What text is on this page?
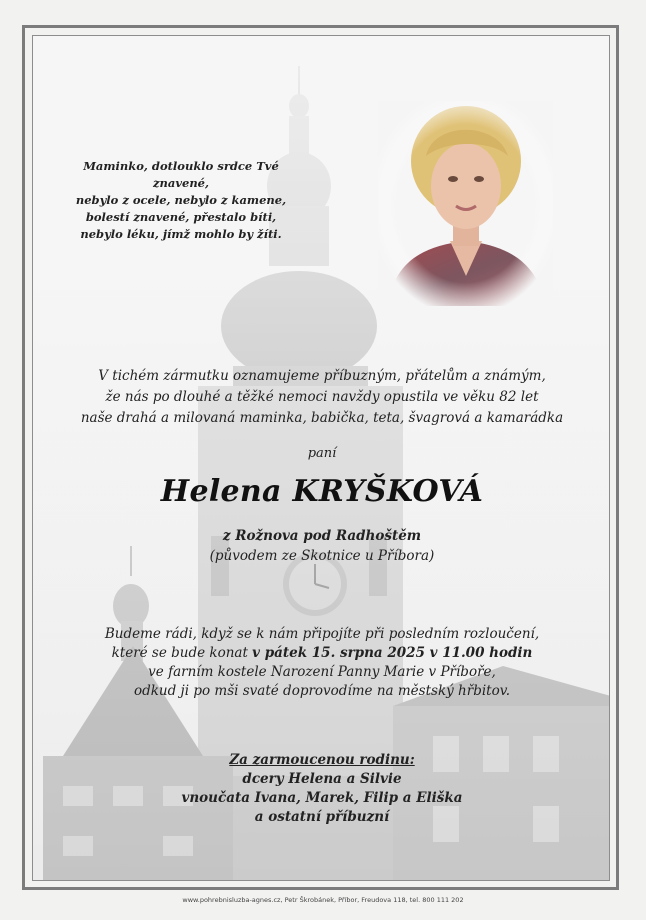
Maminko, dotlouklo srdce Tvé znavené,
nebylo z ocele, nebylo z kamene,
bolestí znavené, přestalo bíti,
nebylo léku, jímž mohlo by žíti.
V tichém zármutku oznamujeme příbuzným, přátelům a známým,
že nás po dlouhé a těžké nemoci navždy opustila ve věku 82 let
naše drahá a milovaná maminka, babička, teta, švagrová a kamarádka
paní
Helena KRYŠKOVÁ
z Rožnova pod Radhoštěm
(původem ze Skotnice u Příbora)
Budeme rádi, když se k nám připojíte při posledním rozloučení,
které se bude konat v pátek 15. srpna 2025 v 11.00 hodin
ve farním kostele Narození Panny Marie v Příboře,
odkud ji po mši svaté doprovodíme na městský hřbitov.
Za zarmoucenou rodinu:
dcery Helena a Silvie
vnoučata Ivana, Marek, Filip a Eliška
a ostatní příbuzní
www.pohrebnisluzba-agnes.cz, Petr Škrobánek, Příbor, Freudova 118, tel. 800 111 202
